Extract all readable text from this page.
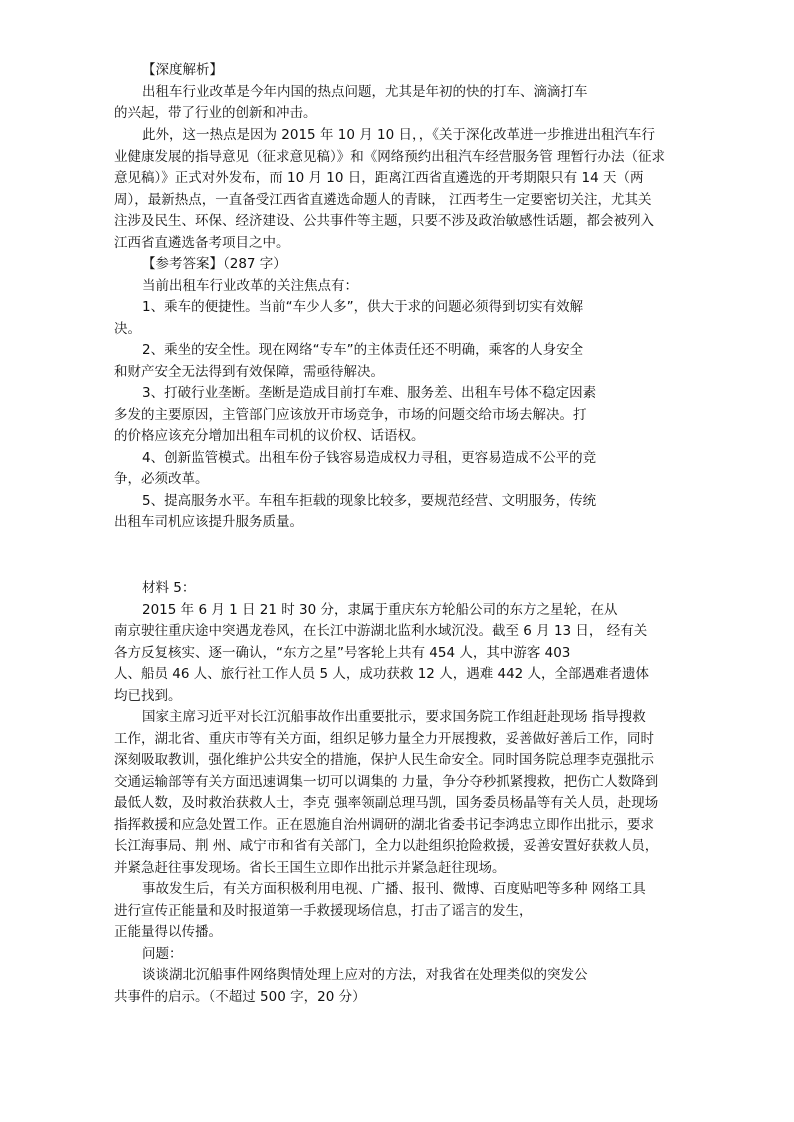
【深度解析】
出租车行业改革是今年内国的热点问题，尤其是年初的快的打车、滴滴打车
的兴起，带了行业的创新和冲击。
此外，这一热点是因为 2015 年 10 月 10 日，，《关于深化改革进一步推进出租汽车行
业健康发展的指导意见（征求意见稿）》和《网络预约出租汽车经营服务管 理暂行办法（征求
意见稿）》正式对外发布，而 10 月 10 日，距离江西省直遴选的开考期限只有 14 天（两
周），最新热点，一直备受江西省直遴选命题人的青睐， 江西考生一定要密切关注，尤其关
注涉及民生、环保、经济建设、公共事件等主题，只要不涉及政治敏感性话题，都会被列入
江西省直遴选备考项目之中。
【参考答案】（287 字）
当前出租车行业改革的关注焦点有：
1、乘车的便捷性。当前“车少人多”，供大于求的问题必须得到切实有效解
决。
2、乘坐的安全性。现在网络“专车”的主体责任还不明确，乘客的人身安全
和财产安全无法得到有效保障，需亟待解决。
3、打破行业垄断。垄断是造成目前打车难、服务差、出租车号体不稳定因素
多发的主要原因，主管部门应该放开市场竞争，市场的问题交给市场去解决。打
的价格应该充分增加出租车司机的议价权、话语权。
4、创新监管模式。出租车份子钱容易造成权力寻租，更容易造成不公平的竞
争，必须改革。
5、提高服务水平。车租车拒载的现象比较多，要规范经营、文明服务，传统
出租车司机应该提升服务质量。
材料 5：
2015 年 6 月 1 日 21 时 30 分，隶属于重庆东方轮船公司的东方之星轮，在从
南京驶往重庆途中突遇龙卷风，在长江中游湖北监利水域沉没。截至 6 月 13 日， 经有关
各方反复核实、逐一确认，“东方之星”号客轮上共有 454 人，其中游客 403
人、船员 46 人、旅行社工作人员 5 人，成功获救 12 人，遇难 442 人，全部遇难者遗体
均已找到。
国家主席习近平对长江沉船事故作出重要批示，要求国务院工作组赶赴现场 指导搜救
工作，湖北省、重庆市等有关方面，组织足够力量全力开展搜救，妥善做好善后工作，同时
深刻吸取教训，强化维护公共安全的措施，保护人民生命安全。同时国务院总理李克强批示
交通运输部等有关方面迅速调集一切可以调集的 力量，争分夺秒抓紧搜救，把伤亡人数降到
最低人数，及时救治获救人士，李克 强率领副总理马凯，国务委员杨晶等有关人员，赴现场
指挥救援和应急处置工作。正在恩施自治州调研的湖北省委书记李鸿忠立即作出批示，要求
长江海事局、荆 州、咸宁市和省有关部门，全力以赴组织抢险救援，妥善安置好获救人员，
并紧急赶往事发现场。省长王国生立即作出批示并紧急赶往现场。
事故发生后，有关方面积极利用电视、广播、报刊、微博、百度贴吧等多种 网络工具
进行宣传正能量和及时报道第一手救援现场信息，打击了谣言的发生，
正能量得以传播。
问题：
谈谈湖北沉船事件网络舆情处理上应对的方法，对我省在处理类似的突发公
共事件的启示。（不超过 500 字，20 分）
